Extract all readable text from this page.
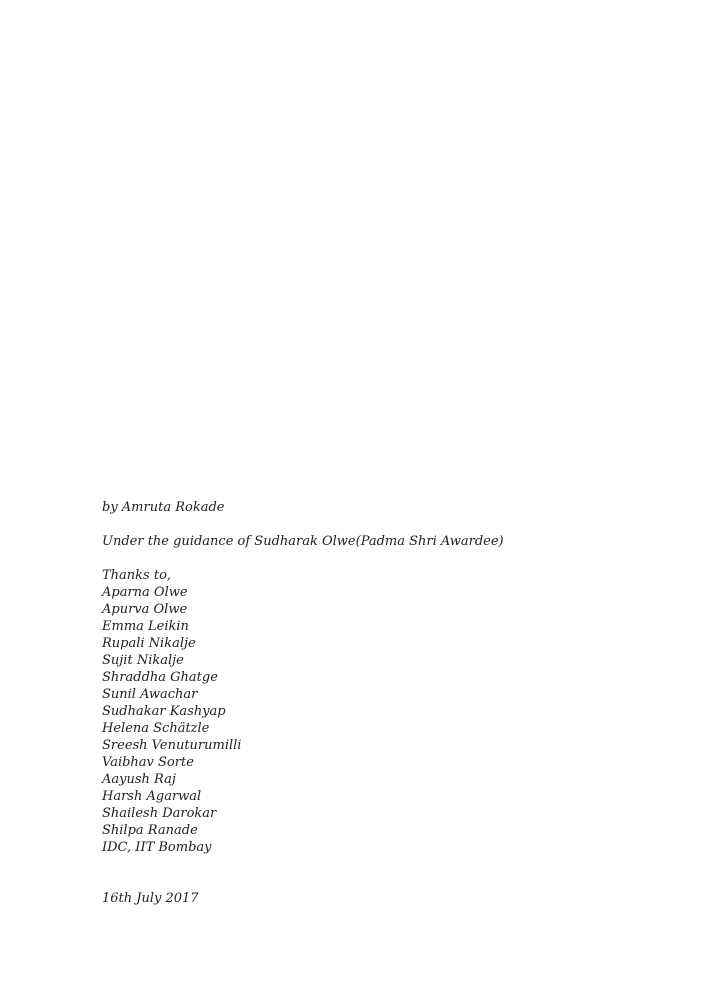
by Amruta Rokade
Under the guidance of Sudharak Olwe(Padma Shri Awardee)
Thanks to,
Aparna Olwe
Apurva Olwe
Emma Leikin
Rupali Nikalje
Sujit Nikalje
Shraddha Ghatge
Sunil Awachar
Sudhakar Kashyap
Helena Schätzle
Sreesh Venuturumilli
Vaibhav Sorte
Aayush Raj
Harsh Agarwal
Shailesh Darokar
Shilpa Ranade
IDC, IIT Bombay
16th July 2017
